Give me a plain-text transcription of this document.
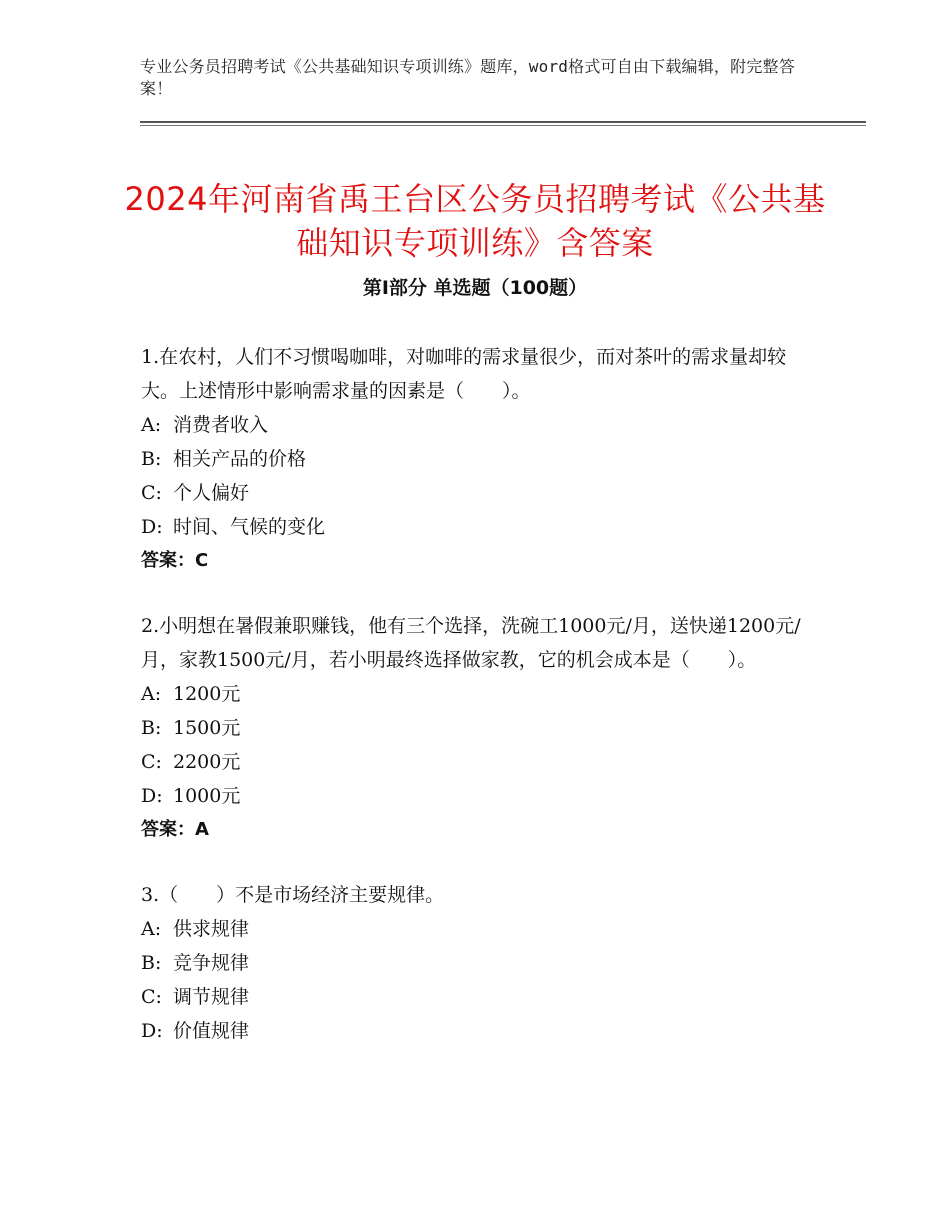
专业公务员招聘考试《公共基础知识专项训练》题库，word格式可自由下载编辑，附完整答案！
2024年河南省禹王台区公务员招聘考试《公共基础知识专项训练》含答案
第Ⅰ部分 单选题（100题）

1.在农村，人们不习惯喝咖啡，对咖啡的需求量很少，而对茶叶的需求量却较大。上述情形中影响需求量的因素是（　　）。

A: 消费者收入

B: 相关产品的价格

C: 个人偏好

D: 时间、气候的变化

答案：C

2.小明想在暑假兼职赚钱，他有三个选择，洗碗工1000元/月，送快递1200元/月，家教1500元/月，若小明最终选择做家教，它的机会成本是（　　）。

A: 1200元

B: 1500元

C: 2200元

D: 1000元

答案：A

3.（　　）不是市场经济主要规律。

A: 供求规律

B: 竞争规律

C: 调节规律

D: 价值规律
